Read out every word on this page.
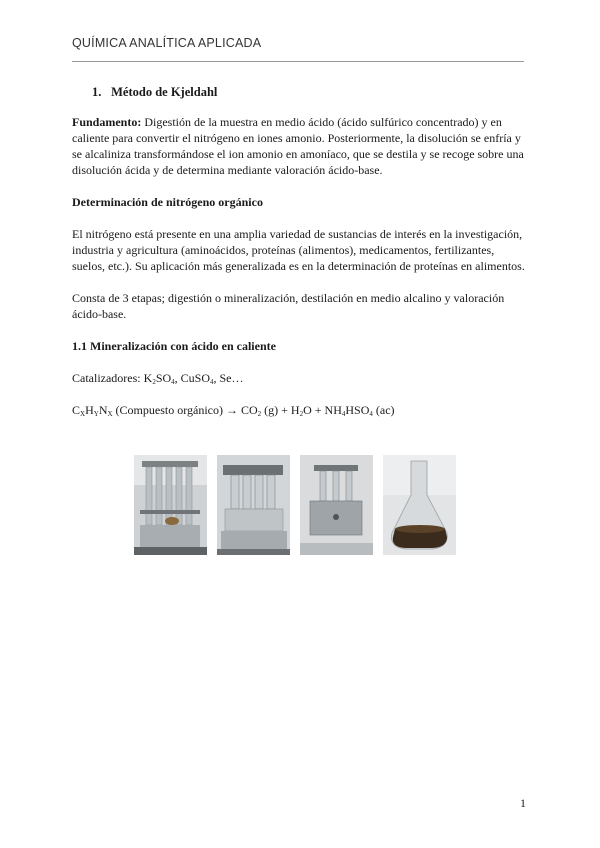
QUÍMICA ANALÍTICA APLICADA
1. Método de Kjeldahl

Fundamento: Digestión de la muestra en medio ácido (ácido sulfúrico concentrado) y en caliente para convertir el nitrógeno en iones amonio. Posteriormente, la disolución se enfría y se alcaliniza transformándose el ion amonio en amoníaco, que se destila y se recoge sobre una disolución ácida y de determina mediante valoración ácido-base.

Determinación de nitrógeno orgánico

El nitrógeno está presente en una amplia variedad de sustancias de interés en la investigación, industria y agricultura (aminoácidos, proteínas (alimentos), medicamentos, fertilizantes, suelos, etc.). Su aplicación más generalizada es en la determinación de proteínas en alimentos.

Consta de 3 etapas; digestión o mineralización, destilación en medio alcalino y valoración ácido-base.

1.1 Mineralización con ácido en caliente

Catalizadores: $K_2SO_4$, CuSO$_4$, Se…

$C_XH_YN_X$ (Compuesto orgánico) → $CO_2$ $(g) + H_2O + NH_4HSO_4$ (ac)

1
